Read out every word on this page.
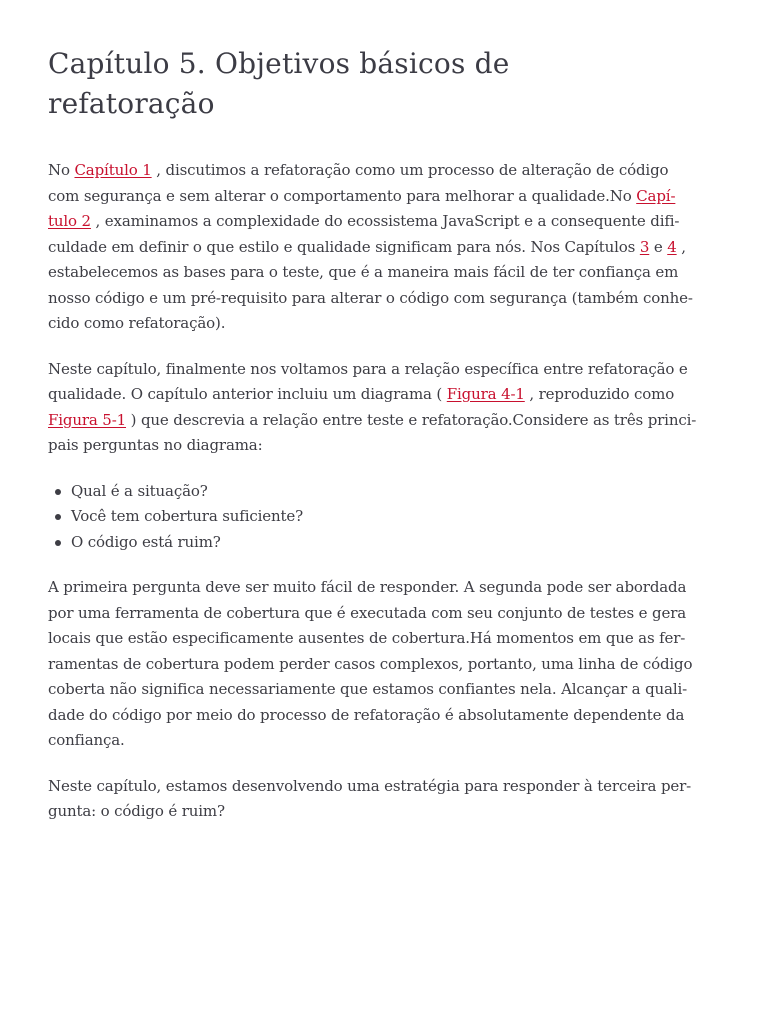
Capítulo 5. Objetivos básicos de refatoração
No Capítulo 1 , discutimos a refatoração como um processo de alteração de código
com segurança e sem alterar o comportamento para melhorar a qualidade.No Capí-
tulo 2 , examinamos a complexidade do ecossistema JavaScript e a consequente difi-
culdade em definir o que estilo e qualidade significam para nós. Nos Capítulos 3 e 4 ,
estabelecemos as bases para o teste, que é a maneira mais fácil de ter confiança em
nosso código e um pré-requisito para alterar o código com segurança (também conhe-
cido como refatoração).
Neste capítulo, finalmente nos voltamos para a relação específica entre refatoração e
qualidade. O capítulo anterior incluiu um diagrama ( Figura 4-1 , reproduzido como
Figura 5-1 ) que descrevia a relação entre teste e refatoração.Considere as três princi-
pais perguntas no diagrama:
Qual é a situação?
Você tem cobertura suficiente?
O código está ruim?
A primeira pergunta deve ser muito fácil de responder. A segunda pode ser abordada
por uma ferramenta de cobertura que é executada com seu conjunto de testes e gera
locais que estão especificamente ausentes de cobertura.Há momentos em que as fer-
ramentas de cobertura podem perder casos complexos, portanto, uma linha de código
coberta não significa necessariamente que estamos confiantes nela. Alcançar a quali-
dade do código por meio do processo de refatoração é absolutamente dependente da
confiança.
Neste capítulo, estamos desenvolvendo uma estratégia para responder à terceira per-
gunta: o código é ruim?
